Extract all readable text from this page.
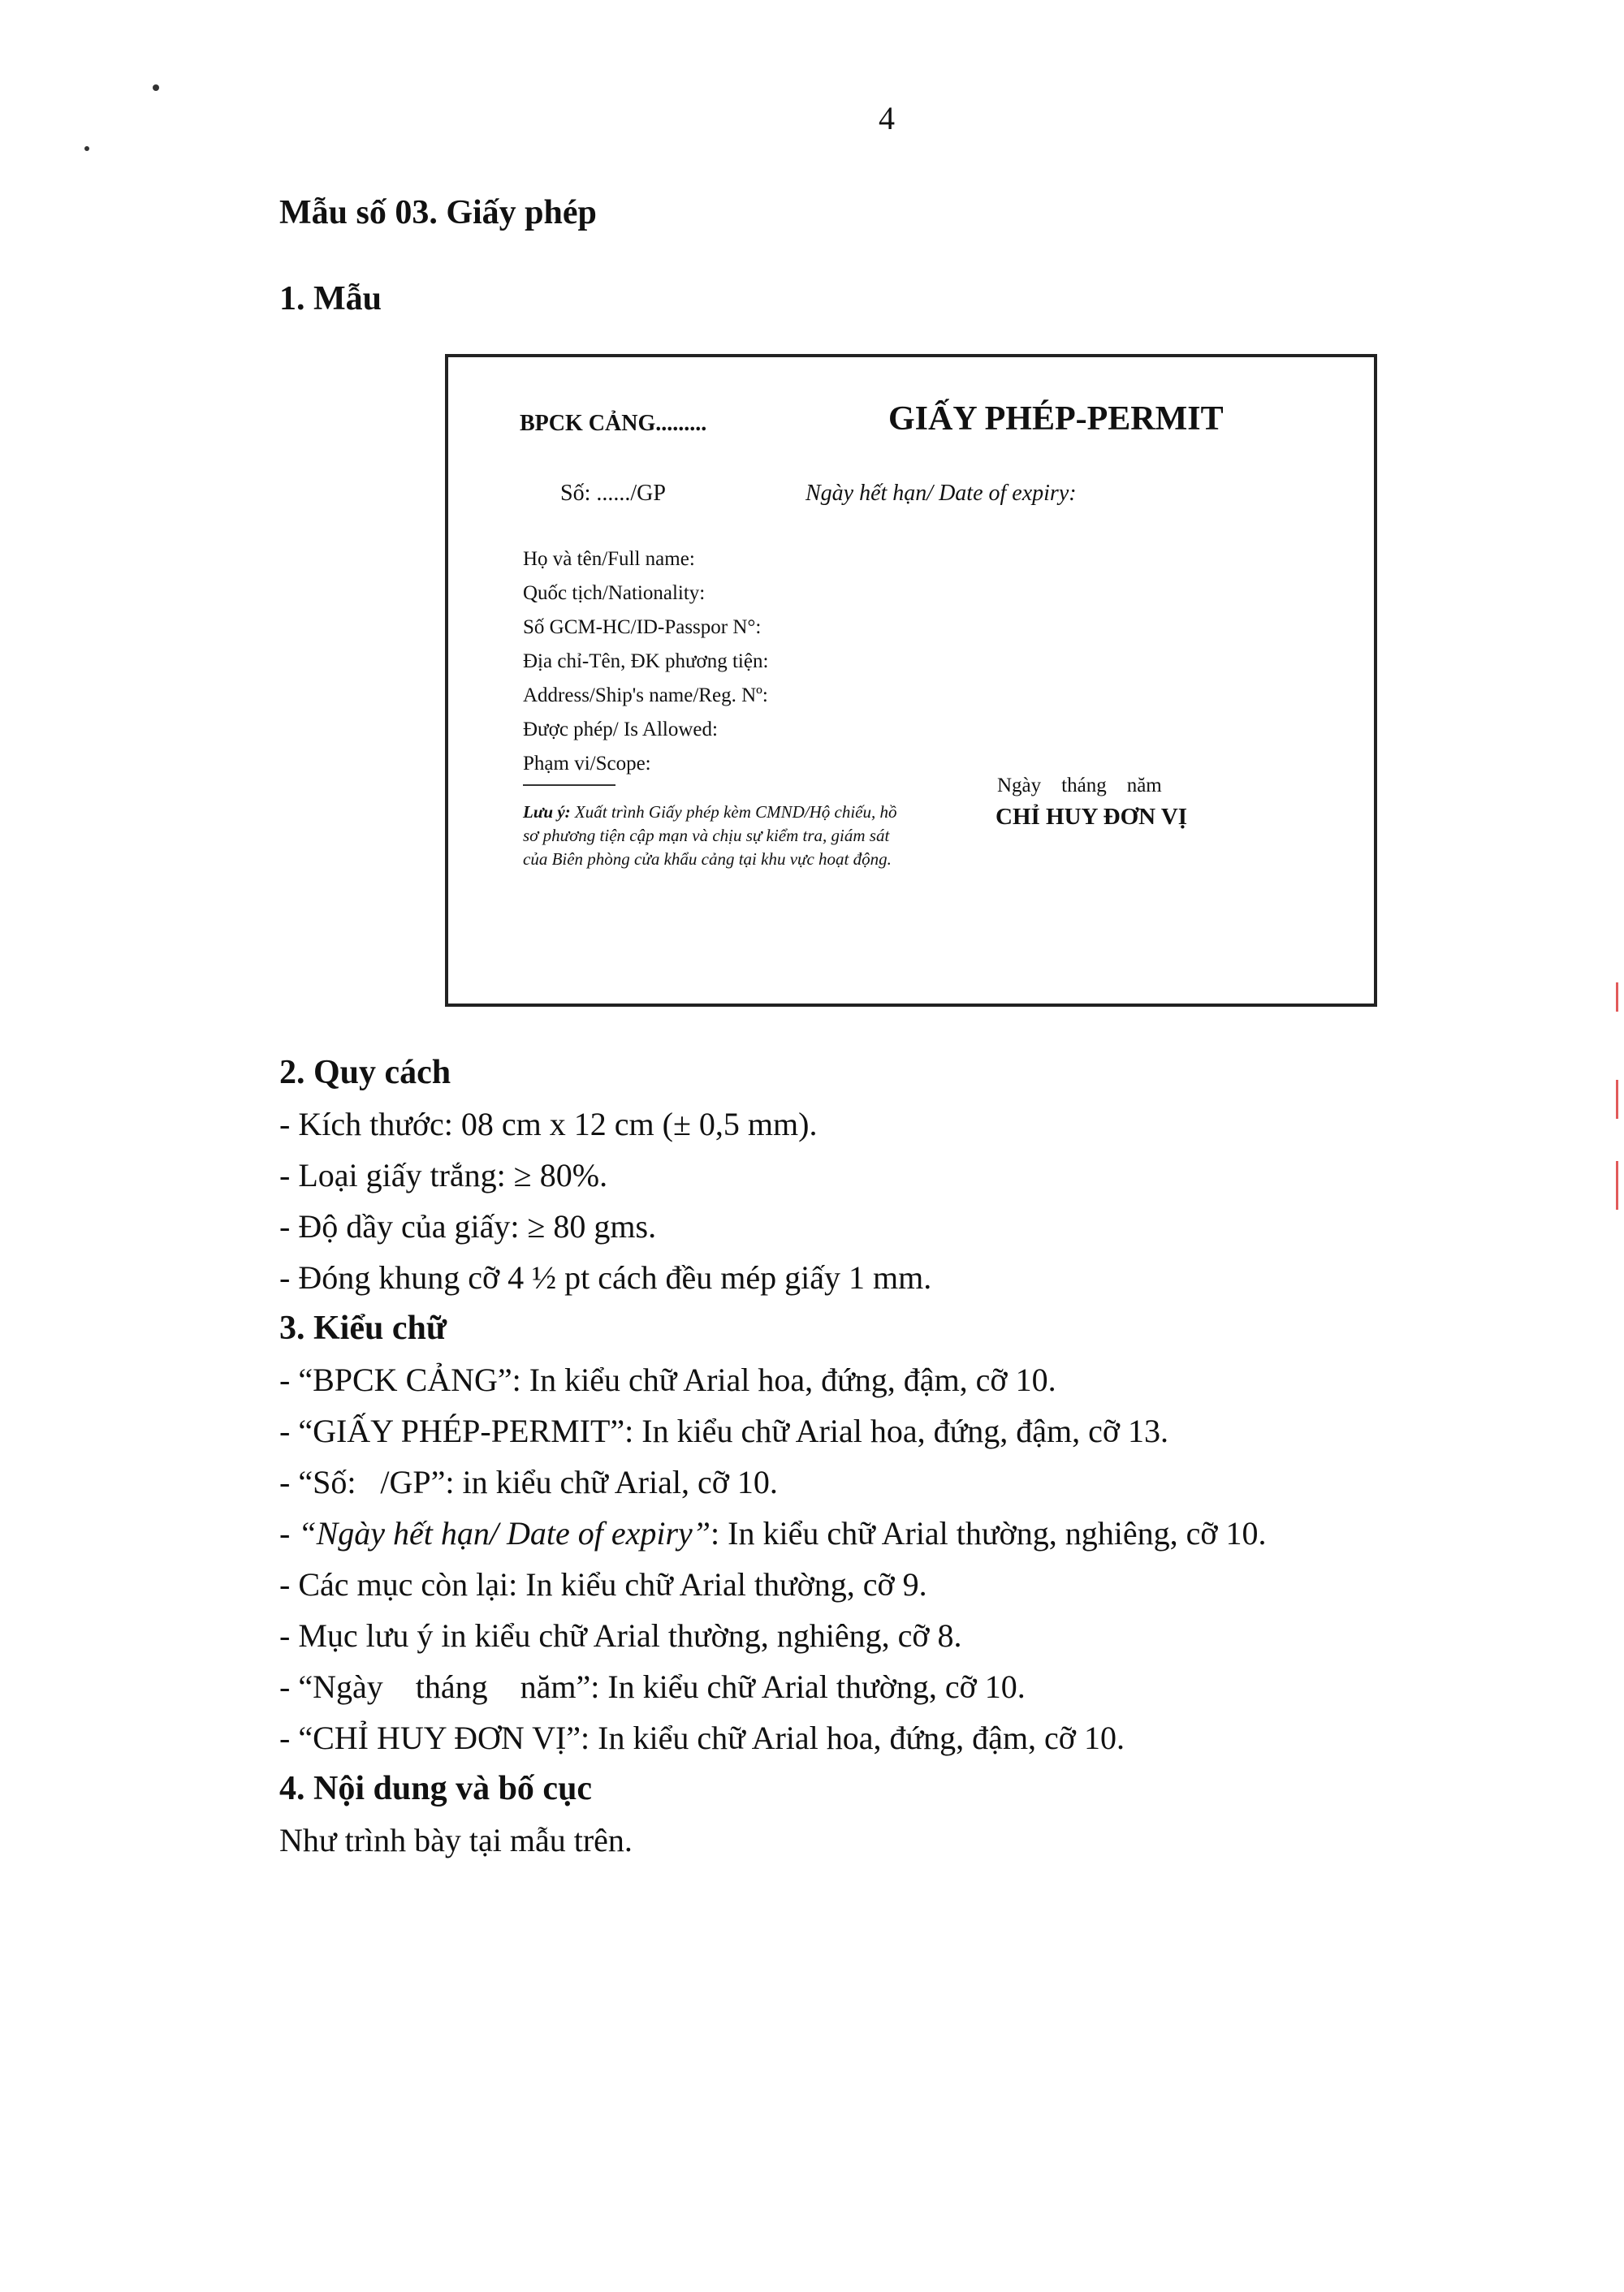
4
Mẫu số 03. Giấy phép
1. Mẫu
BPCK CẢNG.........	GIẤY PHÉP-PERMIT
Số: ....../GP	Ngày hết hạn/ Date of expiry:
Họ và tên/Full name:
Quốc tịch/Nationality:
Số GCM-HC/ID-Passpor N°:
Địa chỉ-Tên, ĐK phương tiện:
Address/Ship's name/Reg. Nº:
Được phép/ Is Allowed:
Phạm vi/Scope:
Lưu ý: Xuất trình Giấy phép kèm CMND/Hộ chiếu, hồ sơ phương tiện cập mạn và chịu sự kiểm tra, giám sát của Biên phòng cửa khẩu cảng tại khu vực hoạt động.
Ngày    tháng    năm
CHỈ HUY ĐƠN VỊ
2. Quy cách
- Kích thước: 08 cm x 12 cm (± 0,5 mm).
- Loại giấy trắng: ≥ 80%.
- Độ dầy của giấy: ≥ 80 gms.
- Đóng khung cỡ 4 ½ pt cách đều mép giấy 1 mm.
3. Kiểu chữ
- “BPCK CẢNG”: In kiểu chữ Arial hoa, đứng, đậm, cỡ 10.
- “GIẤY PHÉP-PERMIT”: In kiểu chữ Arial hoa, đứng, đậm, cỡ 13.
- “Số:   /GP”: in kiểu chữ Arial, cỡ 10.
- “Ngày hết hạn/ Date of expiry”: In kiểu chữ Arial thường, nghiêng, cỡ 10.
- Các mục còn lại: In kiểu chữ Arial thường, cỡ 9.
- Mục lưu ý in kiểu chữ Arial thường, nghiêng, cỡ 8.
- “Ngày    tháng    năm”: In kiểu chữ Arial thường, cỡ 10.
- “CHỈ HUY ĐƠN VỊ”: In kiểu chữ Arial hoa, đứng, đậm, cỡ 10.
4. Nội dung và bố cục
Như trình bày tại mẫu trên.
